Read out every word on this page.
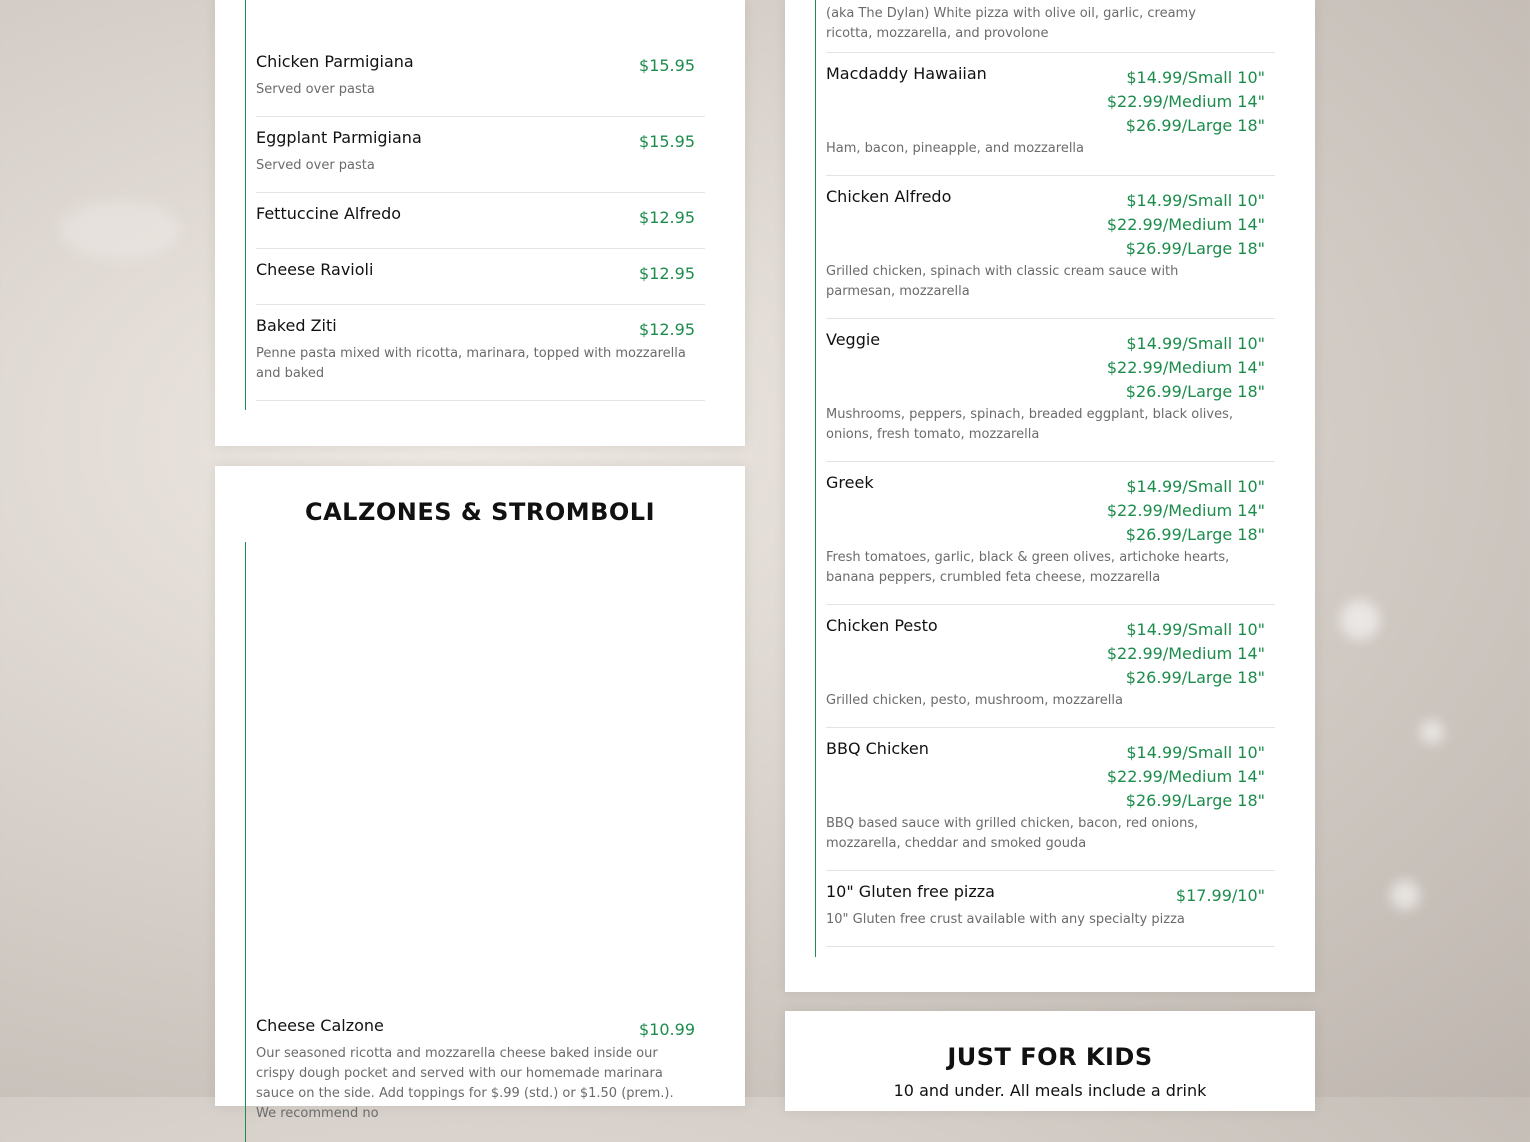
Chicken Parmigiana	$15.95
Served over pasta
Eggplant Parmigiana	$15.95
Served over pasta
Fettuccine Alfredo	$12.95
Cheese Ravioli	$12.95
Baked Ziti	$12.95
Penne pasta mixed with ricotta, marinara, topped with mozzarella and baked
CALZONES & STROMBOLI
Cheese Calzone	$10.99
Our seasoned ricotta and mozzarella cheese baked inside our crispy dough pocket and served with our homemade marinara sauce on the side. Add toppings for $.99 (std.) or $1.50 (prem.). We recommend no
(aka The Dylan) White pizza with olive oil, garlic, creamy ricotta, mozzarella, and provolone
Macdaddy Hawaiian	$14.99/Small 10"
$22.99/Medium 14"
$26.99/Large 18"
Ham, bacon, pineapple, and mozzarella
Chicken Alfredo	$14.99/Small 10"
$22.99/Medium 14"
$26.99/Large 18"
Grilled chicken, spinach with classic cream sauce with parmesan, mozzarella
Veggie	$14.99/Small 10"
$22.99/Medium 14"
$26.99/Large 18"
Mushrooms, peppers, spinach, breaded eggplant, black olives, onions, fresh tomato, mozzarella
Greek	$14.99/Small 10"
$22.99/Medium 14"
$26.99/Large 18"
Fresh tomatoes, garlic, black & green olives, artichoke hearts, banana peppers, crumbled feta cheese, mozzarella
Chicken Pesto	$14.99/Small 10"
$22.99/Medium 14"
$26.99/Large 18"
Grilled chicken, pesto, mushroom, mozzarella
BBQ Chicken	$14.99/Small 10"
$22.99/Medium 14"
$26.99/Large 18"
BBQ based sauce with grilled chicken, bacon, red onions, mozzarella, cheddar and smoked gouda
10" Gluten free pizza	$17.99/10"
10" Gluten free crust available with any specialty pizza
JUST FOR KIDS
10 and under. All meals include a drink
